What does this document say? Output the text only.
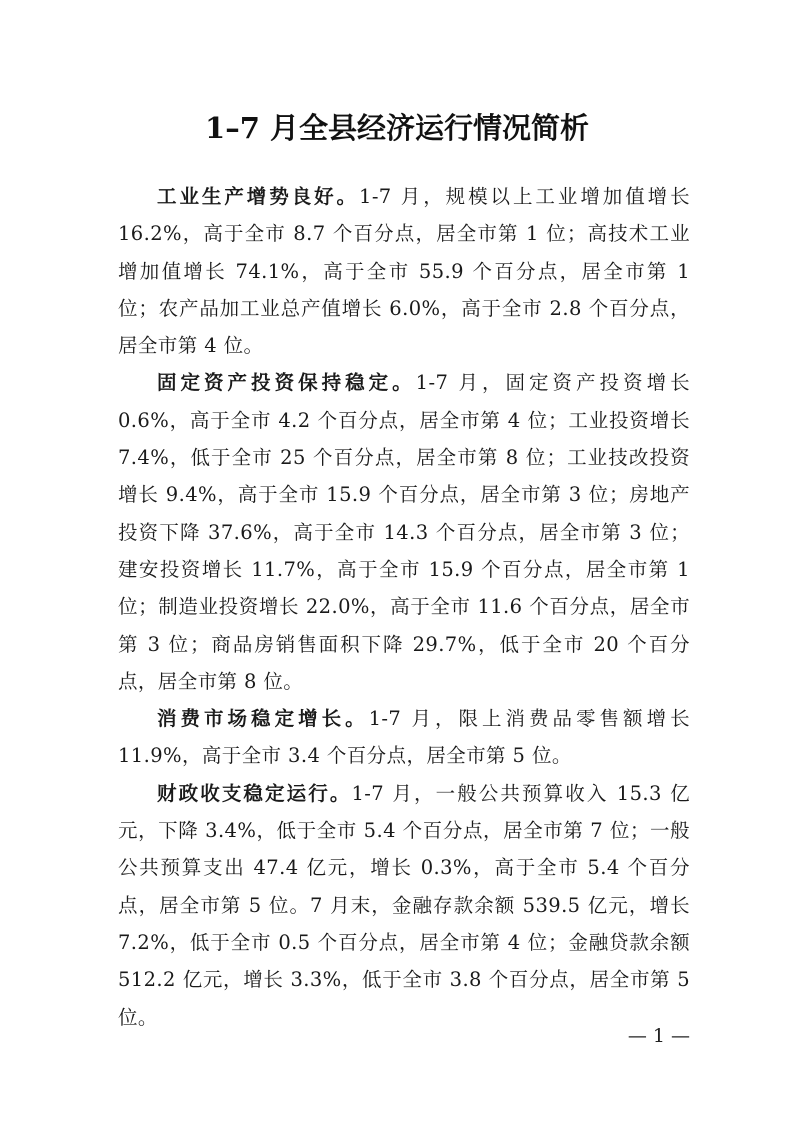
1–7 月全县经济运行情况简析

工业生产增势良好。1-7 月，规模以上工业增加值增长 16.2%，高于全市 8.7 个百分点，居全市第 1 位；高技术工业增加值增长 74.1%，高于全市 55.9 个百分点，居全市第 1 位；农产品加工业总产值增长 6.0%，高于全市 2.8 个百分点，居全市第 4 位。

固定资产投资保持稳定。1-7 月，固定资产投资增长 0.6%，高于全市 4.2 个百分点，居全市第 4 位；工业投资增长 7.4%，低于全市 25 个百分点，居全市第 8 位；工业技改投资增长 9.4%，高于全市 15.9 个百分点，居全市第 3 位；房地产投资下降 37.6%，高于全市 14.3 个百分点，居全市第 3 位；建安投资增长 11.7%，高于全市 15.9 个百分点，居全市第 1 位；制造业投资增长 22.0%，高于全市 11.6 个百分点，居全市第 3 位；商品房销售面积下降 29.7%，低于全市 20 个百分点，居全市第 8 位。

消费市场稳定增长。1-7 月，限上消费品零售额增长 11.9%，高于全市 3.4 个百分点，居全市第 5 位。

财政收支稳定运行。1-7 月，一般公共预算收入 15.3 亿元，下降 3.4%，低于全市 5.4 个百分点，居全市第 7 位；一般公共预算支出 47.4 亿元，增长 0.3%，高于全市 5.4 个百分点，居全市第 5 位。7 月末，金融存款余额 539.5 亿元，增长 7.2%，低于全市 0.5 个百分点，居全市第 4 位；金融贷款余额 512.2 亿元，增长 3.3%，低于全市 3.8 个百分点，居全市第 5 位。

— 1 —
